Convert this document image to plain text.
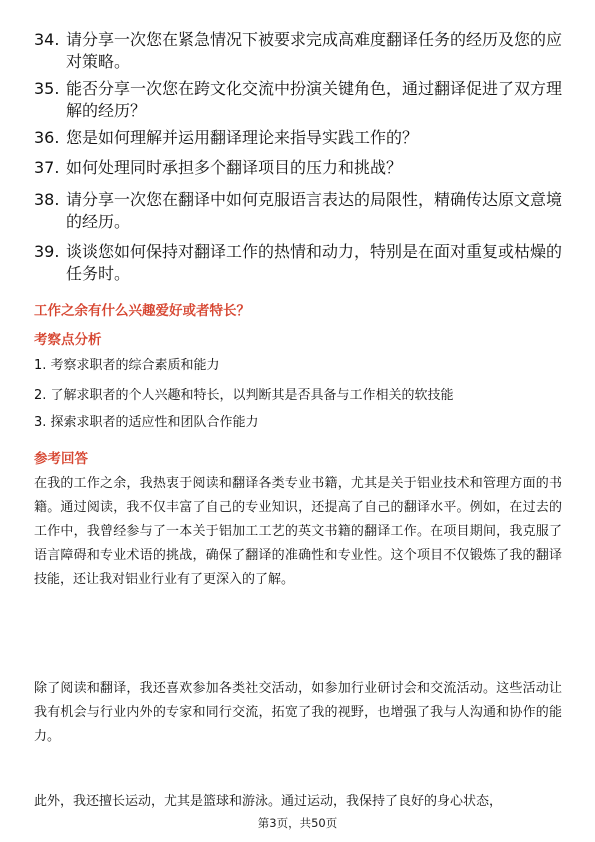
34. 请分享一次您在紧急情况下被要求完成高难度翻译任务的经历及您的应对策略。
35. 能否分享一次您在跨文化交流中扮演关键角色，通过翻译促进了双方理解的经历？
36. 您是如何理解并运用翻译理论来指导实践工作的？
37. 如何处理同时承担多个翻译项目的压力和挑战？
38. 请分享一次您在翻译中如何克服语言表达的局限性，精确传达原文意境的经历。
39. 谈谈您如何保持对翻译工作的热情和动力，特别是在面对重复或枯燥的任务时。
工作之余有什么兴趣爱好或者特长？
考察点分析
1. 考察求职者的综合素质和能力
2. 了解求职者的个人兴趣和特长，以判断其是否具备与工作相关的软技能
3. 探索求职者的适应性和团队合作能力
参考回答
在我的工作之余，我热衷于阅读和翻译各类专业书籍，尤其是关于铝业技术和管理方面的书籍。通过阅读，我不仅丰富了自己的专业知识，还提高了自己的翻译水平。例如，在过去的工作中，我曾经参与了一本关于铝加工工艺的英文书籍的翻译工作。在项目期间，我克服了语言障碍和专业术语的挑战，确保了翻译的准确性和专业性。这个项目不仅锻炼了我的翻译技能，还让我对铝业行业有了更深入的了解。
除了阅读和翻译，我还喜欢参加各类社交活动，如参加行业研讨会和交流活动。这些活动让我有机会与行业内外的专家和同行交流，拓宽了我的视野，也增强了我与人沟通和协作的能力。
此外，我还擅长运动，尤其是篮球和游泳。通过运动，我保持了良好的身心状态，
第3页，共50页
